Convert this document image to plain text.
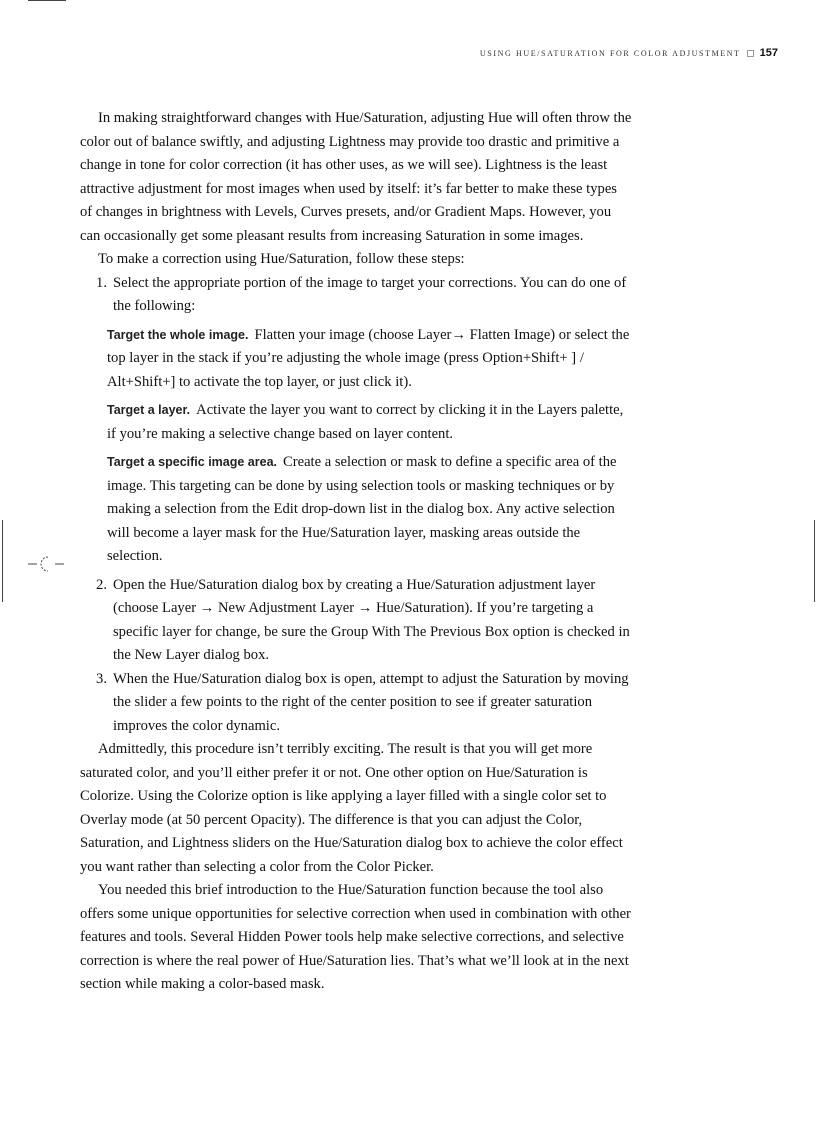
USING HUE/SATURATION FOR COLOR ADJUSTMENT 157

In making straightforward changes with Hue/Saturation, adjusting Hue will often throw the color out of balance swiftly, and adjusting Lightness may provide too drastic and primitive a change in tone for color correction (it has other uses, as we will see). Lightness is the least attractive adjustment for most images when used by itself: it’s far better to make these types of changes in brightness with Levels, Curves presets, and/or Gradient Maps. However, you can occasionally get some pleasant results from increasing Saturation in some images.

To make a correction using Hue/Saturation, follow these steps:

1. Select the appropriate portion of the image to target your corrections. You can do one of the following:
Target the whole image. Flatten your image (choose Layer→ Flatten Image) or select the top layer in the stack if you’re adjusting the whole image (press Option+Shift+ ] / Alt+Shift+] to activate the top layer, or just click it).
Target a layer. Activate the layer you want to correct by clicking it in the Layers palette, if you’re making a selective change based on layer content.
Target a specific image area. Create a selection or mask to define a specific area of the image. This targeting can be done by using selection tools or masking techniques or by making a selection from the Edit drop-down list in the dialog box. Any active selection will become a layer mask for the Hue/Saturation layer, masking areas outside the selection.
2. Open the Hue/Saturation dialog box by creating a Hue/Saturation adjustment layer (choose Layer → New Adjustment Layer → Hue/Saturation). If you’re targeting a specific layer for change, be sure the Group With The Previous Box option is checked in the New Layer dialog box.
3. When the Hue/Saturation dialog box is open, attempt to adjust the Saturation by moving the slider a few points to the right of the center position to see if greater saturation improves the color dynamic.

Admittedly, this procedure isn’t terribly exciting. The result is that you will get more saturated color, and you’ll either prefer it or not. One other option on Hue/Saturation is Colorize. Using the Colorize option is like applying a layer filled with a single color set to Overlay mode (at 50 percent Opacity). The difference is that you can adjust the Color, Saturation, and Lightness sliders on the Hue/Saturation dialog box to achieve the color effect you want rather than selecting a color from the Color Picker.

You needed this brief introduction to the Hue/Saturation function because the tool also offers some unique opportunities for selective correction when used in combination with other features and tools. Several Hidden Power tools help make selective corrections, and selective correction is where the real power of Hue/Saturation lies. That’s what we’ll look at in the next section while making a color-based mask.
